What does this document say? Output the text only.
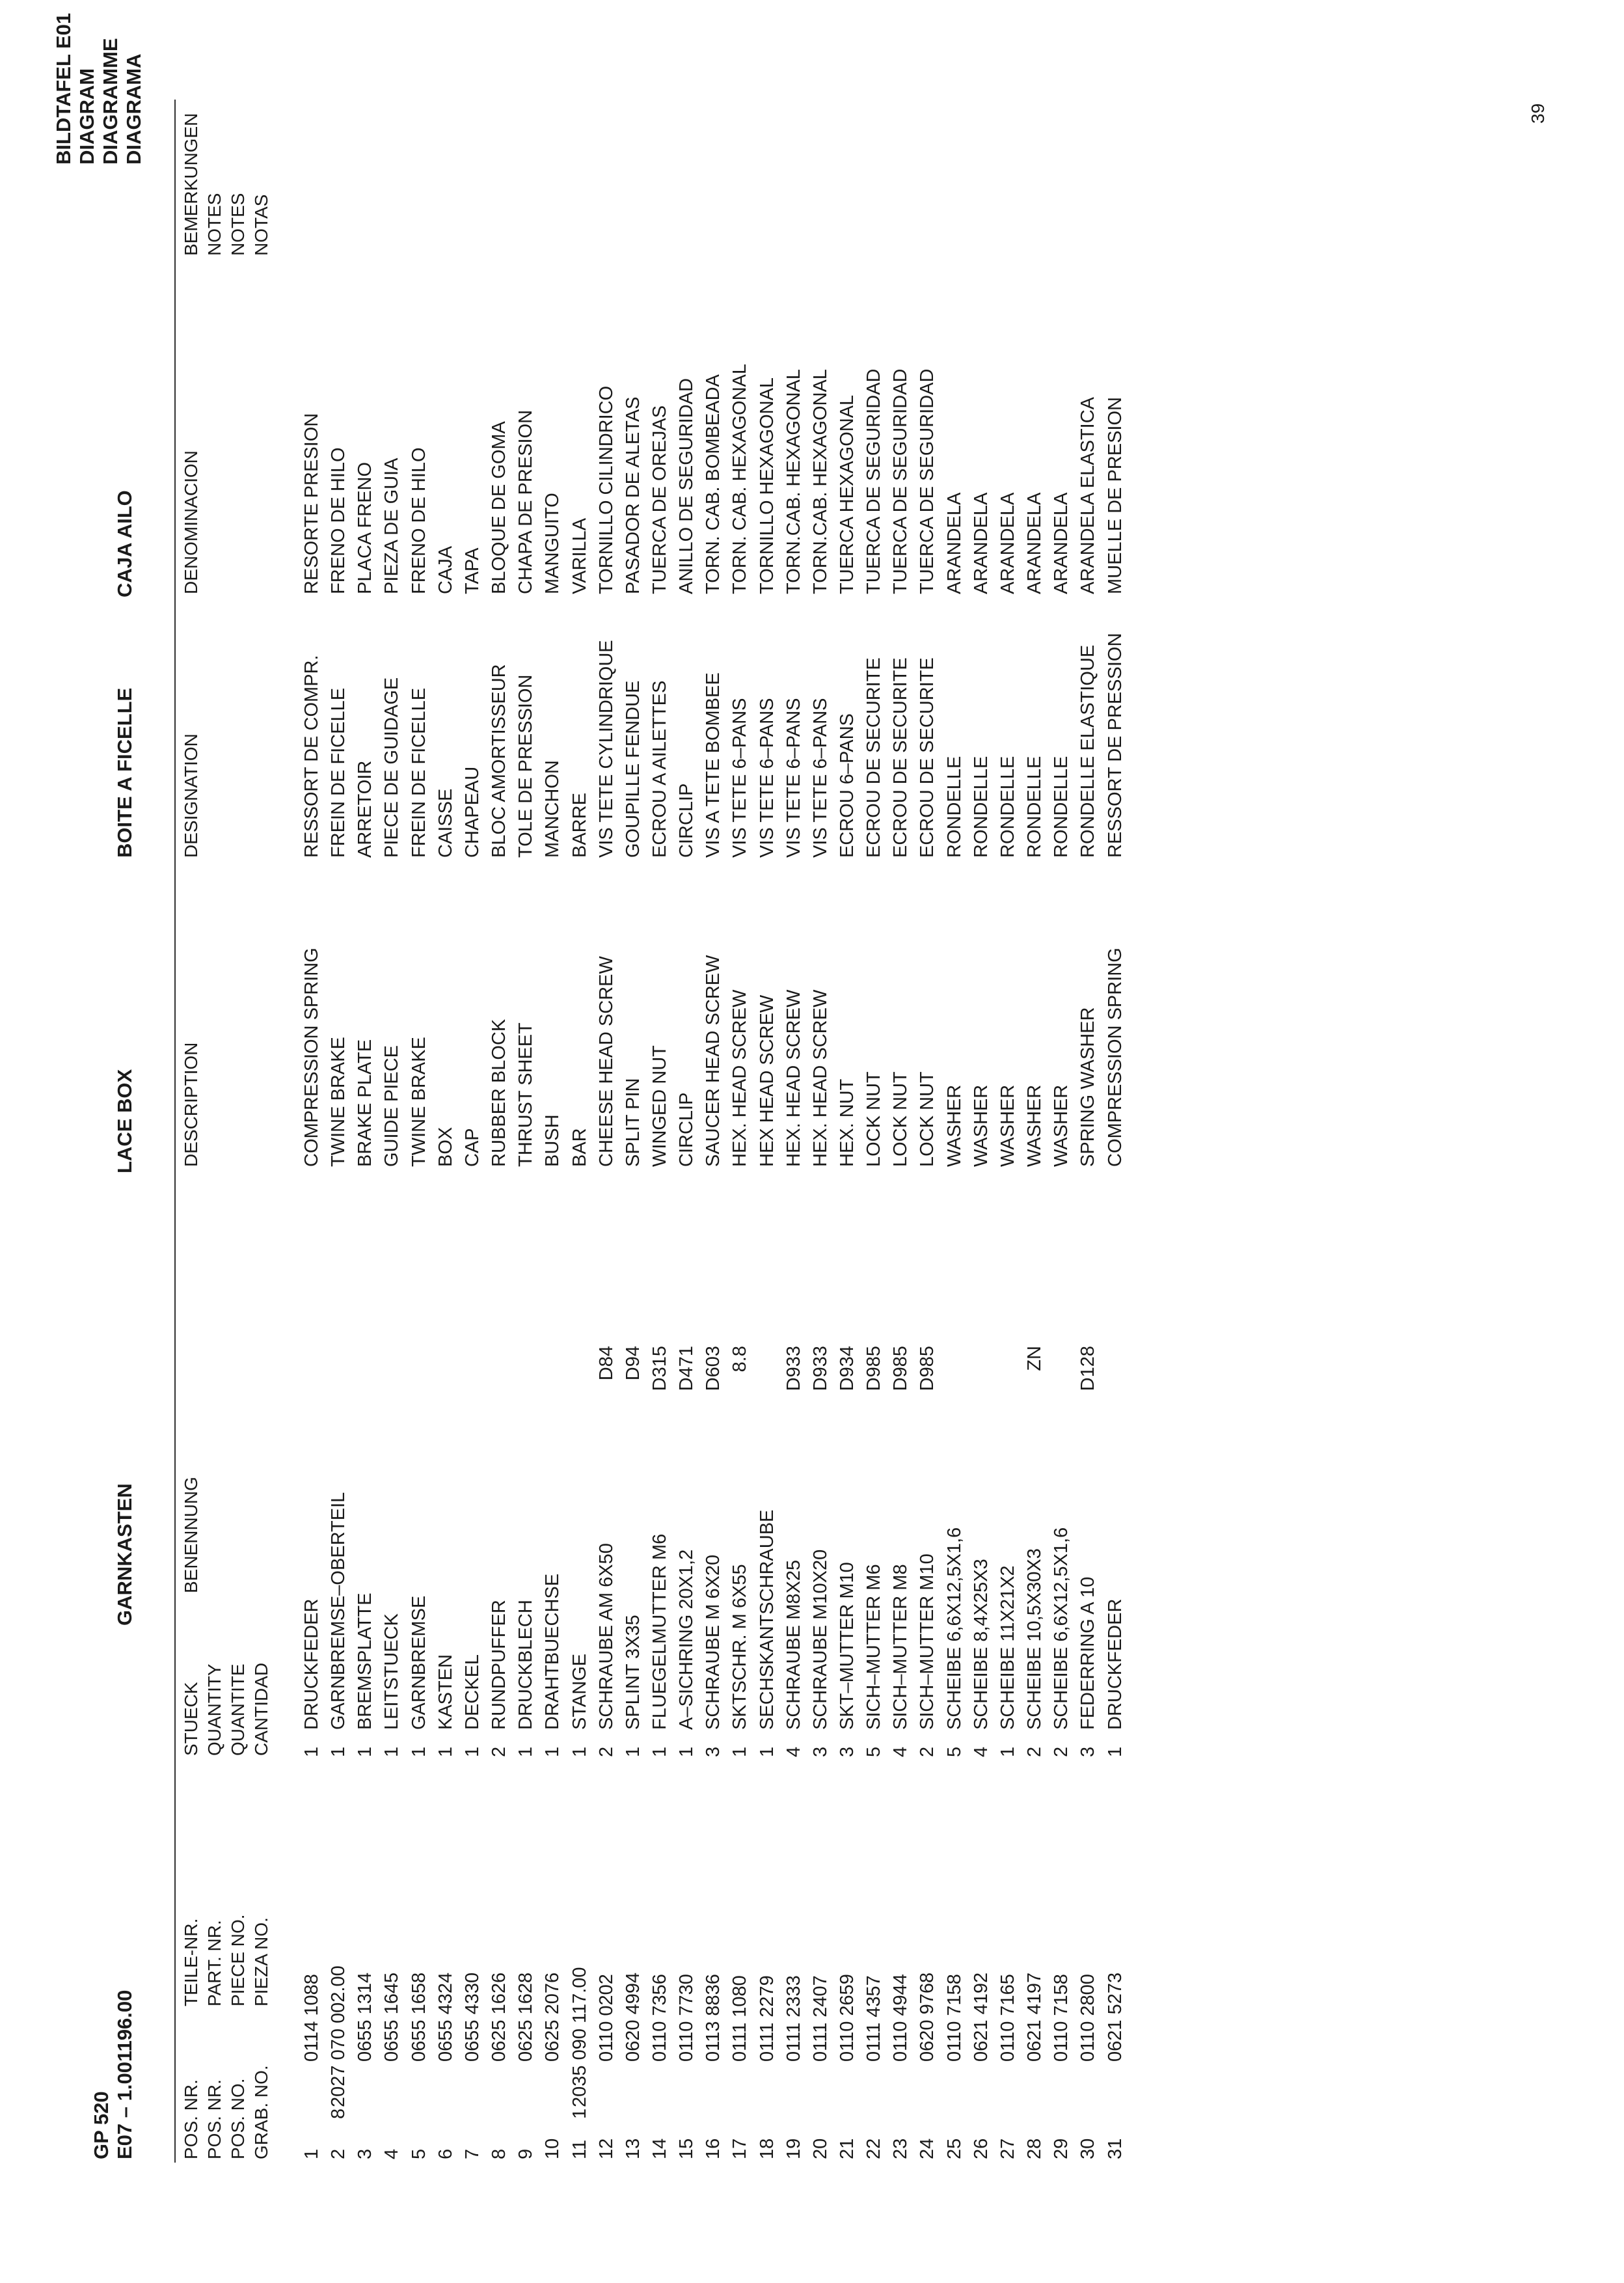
GP 520 E07 – 1.001196.00
GARNKASTEN
LACE BOX
BOITE A FICELLE
CAJA AILO
BILDTAFEL E01 DIAGRAM DIAGRAMME DIAGRAMA	39
POS. NR. POS. NR. POS. NO. GRAB. NO.
TEILE-NR. PART. NR. PIECE NO. PIEZA NO.
STUECK QUANTITY QUANTITE CANTIDAD
BENENNUNG
DESCRIPTION
DESIGNATION
DENOMINACION
BEMERKUNGEN NOTES NOTES NOTAS
1
0114 1088
1
DRUCKFEDER
COMPRESSION SPRING
RESSORT DE COMPR.
RESORTE PRESION
2
8
2027 070 002.00
1
GARNBREMSE–OBERTEIL
TWINE BRAKE
FREIN DE FICELLE
FRENO DE HILO
3
0655 1314
1
BREMSPLATTE
BRAKE PLATE
ARRETOIR
PLACA FRENO
4
0655 1645
1
LEITSTUECK
GUIDE PIECE
PIECE DE GUIDAGE
PIEZA DE GUIA
5
0655 1658
1
GARNBREMSE
TWINE BRAKE
FREIN DE FICELLE
FRENO DE HILO
6
0655 4324
1
KASTEN
BOX
CAISSE
CAJA
7
0655 4330
1
DECKEL
CAP
CHAPEAU
TAPA
8
0625 1626
2
RUNDPUFFER
RUBBER BLOCK
BLOC AMORTISSEUR
BLOQUE DE GOMA
9
0625 1628
1
DRUCKBLECH
THRUST SHEET
TOLE DE PRESSION
CHAPA DE PRESION
10
0625 2076
1
DRAHTBUECHSE
BUSH
MANCHON
MANGUITO
11
1
2035 090 117.00
1
STANGE
BAR
BARRE
VARILLA
12
0110 0202
2
SCHRAUBE AM 6X50
D84
CHEESE HEAD SCREW
VIS TETE CYLINDRIQUE
TORNILLO CILINDRICO
13
0620 4994
1
SPLINT 3X35
D94
SPLIT PIN
GOUPILLE FENDUE
PASADOR DE ALETAS
14
0110 7356
1
FLUEGELMUTTER M6
D315
WINGED NUT
ECROU A AILETTES
TUERCA DE OREJAS
15
0110 7730
1
A–SICHRING 20X1,2
D471
CIRCLIP
CIRCLIP
ANILLO DE SEGURIDAD
16
0113 8836
3
SCHRAUBE M 6X20
D603
SAUCER HEAD SCREW
VIS A TETE BOMBEE
TORN. CAB. BOMBEADA
17
0111 1080
1
SKTSCHR. M 6X55
8.8
HEX. HEAD SCREW
VIS TETE 6–PANS
TORN. CAB. HEXAGONAL
18
0111 2279
1
SECHSKANTSCHRAUBE
HEX HEAD SCREW
VIS TETE 6–PANS
TORNILLO HEXAGONAL
19
0111 2333
4
SCHRAUBE M8X25
D933
HEX. HEAD SCREW
VIS TETE 6–PANS
TORN.CAB. HEXAGONAL
20
0111 2407
3
SCHRAUBE M10X20
D933
HEX. HEAD SCREW
VIS TETE 6–PANS
TORN.CAB. HEXAGONAL
21
0110 2659
3
SKT–MUTTER M10
D934
HEX. NUT
ECROU 6–PANS
TUERCA HEXAGONAL
22
0111 4357
5
SICH–MUTTER M6
D985
LOCK NUT
ECROU DE SECURITE
TUERCA DE SEGURIDAD
23
0110 4944
4
SICH–MUTTER M8
D985
LOCK NUT
ECROU DE SECURITE
TUERCA DE SEGURIDAD
24
0620 9768
2
SICH–MUTTER M10
D985
LOCK NUT
ECROU DE SECURITE
TUERCA DE SEGURIDAD
25
0110 7158
5
SCHEIBE 6,6X12,5X1,6
WASHER
RONDELLE
ARANDELA
26
0621 4192
4
SCHEIBE 8,4X25X3
WASHER
RONDELLE
ARANDELA
27
0110 7165
1
SCHEIBE 11X21X2
WASHER
RONDELLE
ARANDELA
28
0621 4197
2
SCHEIBE 10,5X30X3
ZN
WASHER
RONDELLE
ARANDELA
29
0110 7158
2
SCHEIBE 6,6X12,5X1,6
WASHER
RONDELLE
ARANDELA
30
0110 2800
3
FEDERRING A 10
D128
SPRING WASHER
RONDELLE ELASTIQUE
ARANDELA ELASTICA
31
0621 5273
1
DRUCKFEDER
COMPRESSION SPRING
RESSORT DE PRESSION
MUELLE DE PRESION
